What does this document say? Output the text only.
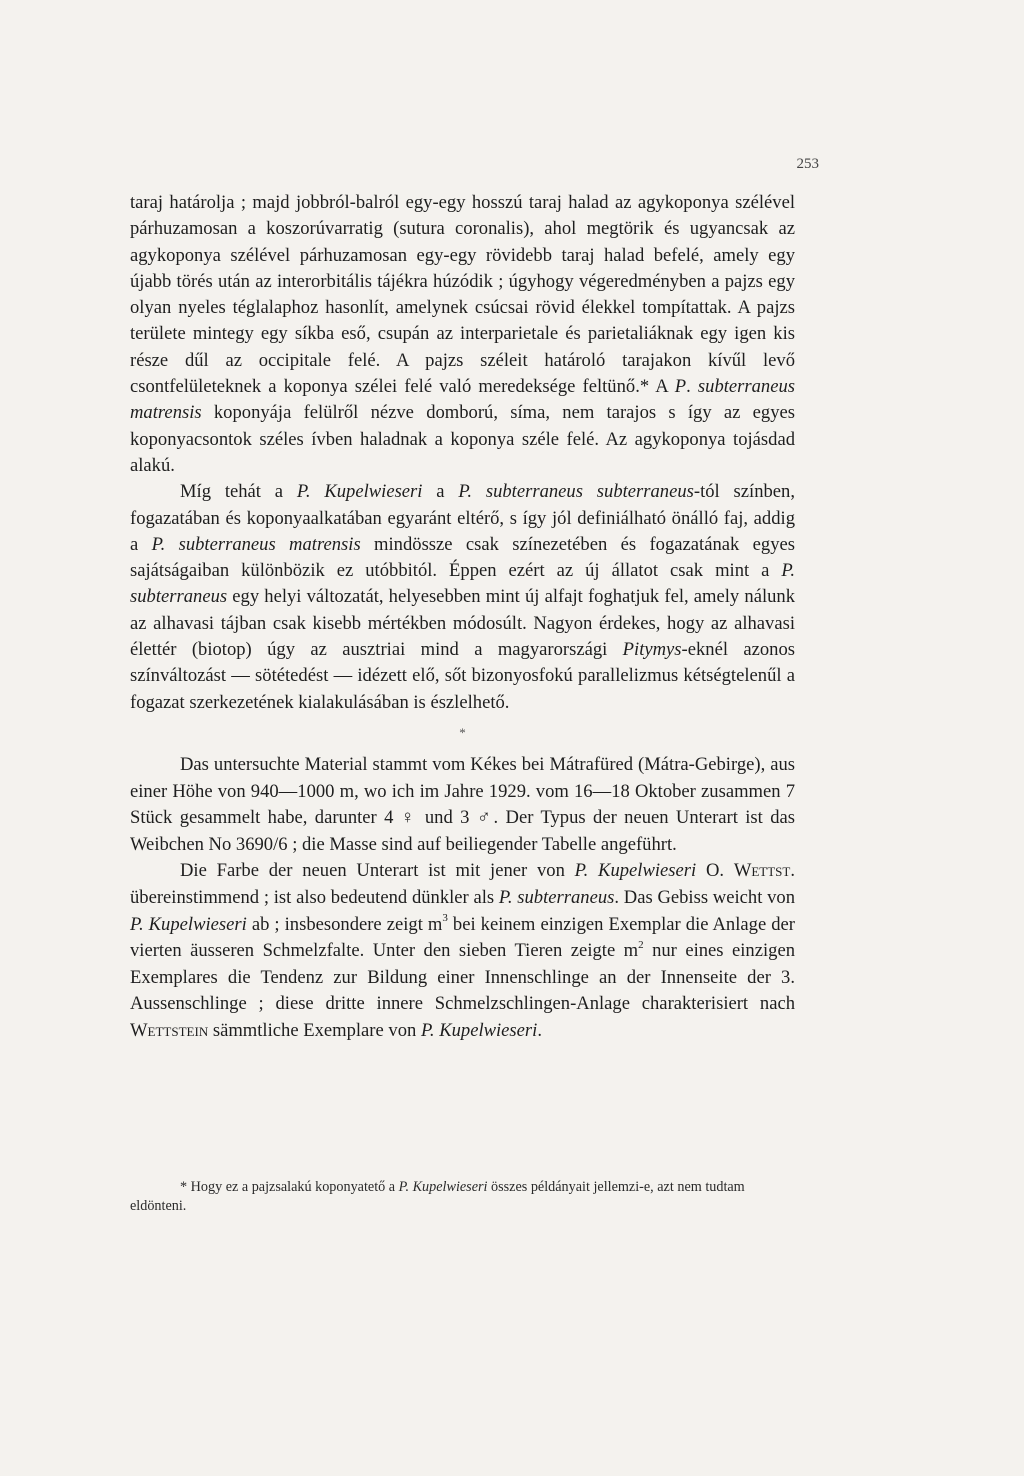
253

taraj határolja ; majd jobbról-balról egy-egy hosszú taraj halad az agykoponya szélével párhuzamosan a koszorúvarratig (sutura coronalis), ahol megtörik és ugyancsak az agykoponya szélével párhuzamosan egy-egy rövidebb taraj halad befelé, amely egy újabb törés után az interorbitális tájékra húzódik ; úgyhogy végeredményben a pajzs egy olyan nyeles téglalaphoz hasonlít, amelynek csúcsai rövid élekkel tompítattak. A pajzs területe mintegy egy síkba eső, csupán az interparietale és parietaliáknak egy igen kis része dűl az occipitale felé. A pajzs széleit határoló tarajakon kívűl levő csontfelületeknek a koponya szélei felé való meredeksége feltünő.* A P. subterraneus matrensis koponyája felülről nézve domború, síma, nem tarajos s így az egyes koponyacsontok széles ívben haladnak a koponya széle felé. Az agykoponya tojásdad alakú.

Míg tehát a P. Kupelwieseri a P. subterraneus subterraneus-tól színben, fogazatában és koponyaalkatában egyaránt eltérő, s így jól definiálható önálló faj, addig a P. subterraneus matrensis mindössze csak színezetében és fogazatának egyes sajátságaiban különbözik ez utóbbitól. Éppen ezért az új állatot csak mint a P. subterraneus egy helyi változatát, helyesebben mint új alfajt foghatjuk fel, amely nálunk az alhavasi tájban csak kisebb mértékben módosúlt. Nagyon érdekes, hogy az alhavasi élettér (biotop) úgy az ausztriai mind a magyarországi Pitymys-eknél azonos színváltozást — sötétedést — idézett elő, sőt bizonyosfokú parallelizmus kétségtelenűl a fogazat szerkezetének kialakulásában is észlelhető.

*

Das untersuchte Material stammt vom Kékes bei Mátrafüred (Mátra-Gebirge), aus einer Höhe von 940—1000 m, wo ich im Jahre 1929. vom 16—18 Oktober zusammen 7 Stück gesammelt habe, darunter 4 ♀ und 3 ♂. Der Typus der neuen Unterart ist das Weibchen No 3690/6 ; die Masse sind auf beiliegender Tabelle angeführt.

Die Farbe der neuen Unterart ist mit jener von P. Kupelwieseri O. Wettst. übereinstimmend ; ist also bedeutend dünkler als P. subterraneus. Das Gebiss weicht von P. Kupelwieseri ab ; insbesondere zeigt $m^3$ bei keinem einzigen Exemplar die Anlage der vierten äusseren Schmelzfalte. Unter den sieben Tieren zeigte $m^2$ nur eines einzigen Exemplares die Tendenz zur Bildung einer Innenschlinge an der Innenseite der 3. Aussenschlinge ; diese dritte innere Schmelzschlingen-Anlage charakterisiert nach Wettstein sämmtliche Exemplare von P. Kupelwieseri.

* Hogy ez a pajzsalakú koponyatető a P. Kupelwieseri összes példányait jellemzi-e, azt nem tudtam eldönteni.
